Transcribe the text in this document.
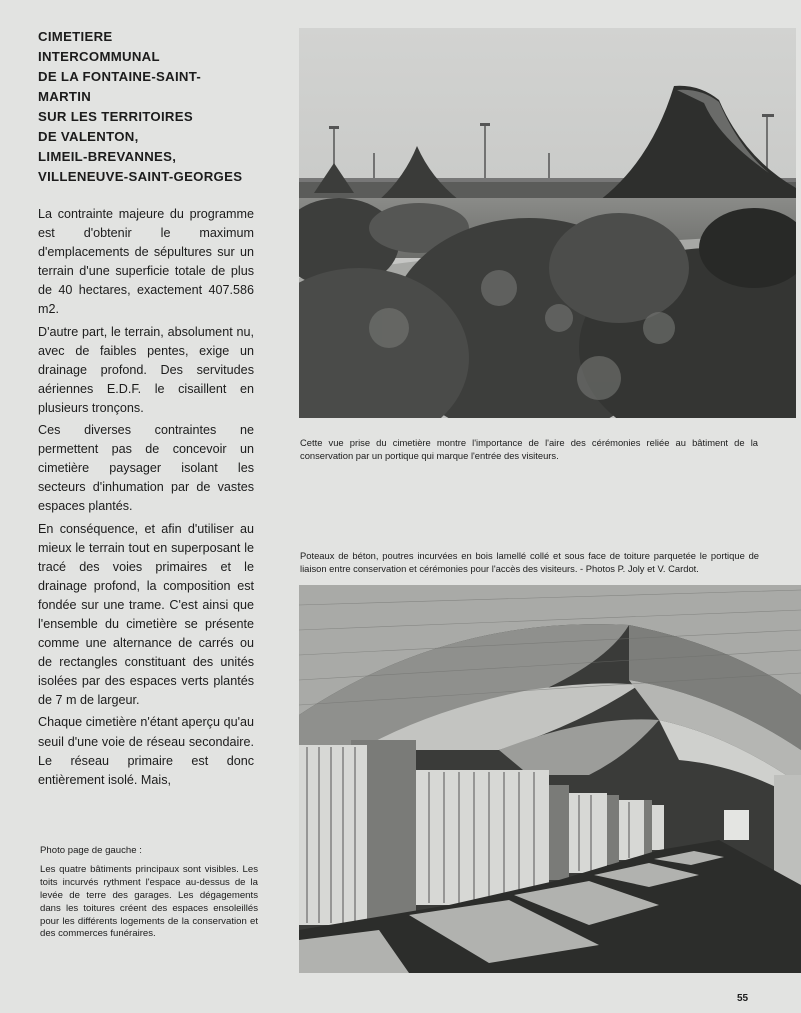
CIMETIERE
INTERCOMMUNAL
DE LA FONTAINE-SAINT-
MARTIN
SUR LES TERRITOIRES
DE VALENTON,
LIMEIL-BREVANNES,
VILLENEUVE-SAINT-GEORGES

La contrainte majeure du programme est d'obtenir le maximum d'emplacements de sépultures sur un terrain d'une superficie totale de plus de 40 hectares, exactement 407.586 m2.

D'autre part, le terrain, absolument nu, avec de faibles pentes, exige un drainage profond. Des servitudes aériennes E.D.F. le cisaillent en plusieurs tronçons.

Ces diverses contraintes ne permettent pas de concevoir un cimetière paysager isolant les secteurs d'inhumation par de vastes espaces plantés.

En conséquence, et afin d'utiliser au mieux le terrain tout en superposant le tracé des voies primaires et le drainage profond, la composition est fondée sur une trame. C'est ainsi que l'ensemble du cimetière se présente comme une alternance de carrés ou de rectangles constituant des unités isolées par des espaces verts plantés de 7 m de largeur.

Chaque cimetière n'étant aperçu qu'au seuil d'une voie de réseau secondaire. Le réseau primaire est donc entièrement isolé. Mais,

Photo page de gauche :

Les quatre bâtiments principaux sont visibles. Les toits incurvés rythment l'espace au-dessus de la levée de terre des garages. Les dégagements dans les toitures créent des espaces ensoleillés pour les différents logements de la conservation et des commerces funéraires.

Cette vue prise du cimetière montre l'importance de l'aire des cérémonies reliée au bâtiment de la conservation par un portique qui marque l'entrée des visiteurs.

Poteaux de béton, poutres incurvées en bois lamellé collé et sous face de toiture parquetée le portique de liaison entre conservation et cérémonies pour l'accès des visiteurs. - Photos P. Joly et V. Cardot.

55
